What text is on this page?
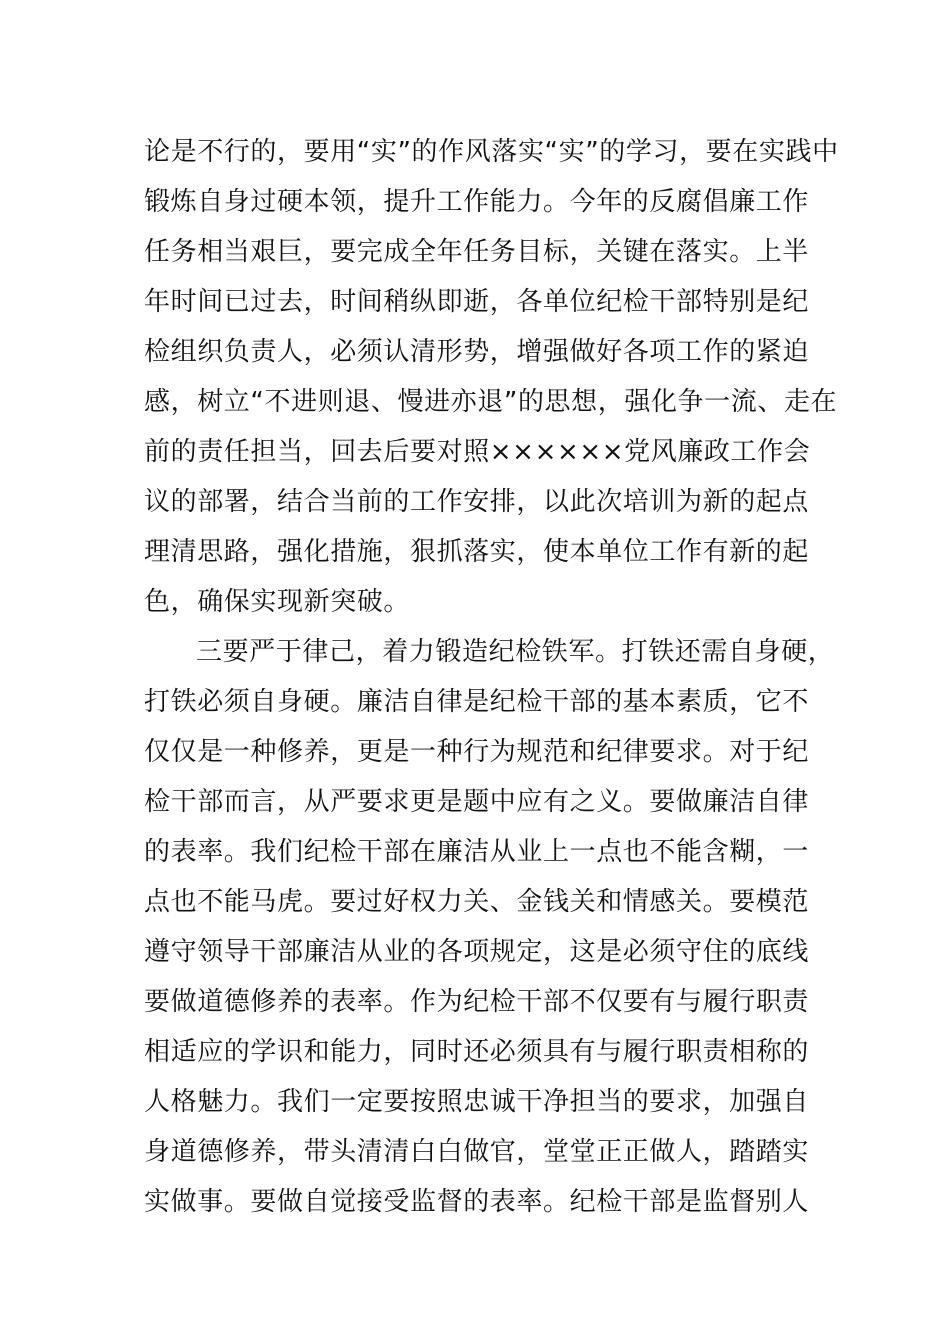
论是不行的，要用“实”的作风落实“实”的学习，要在实践中
锻炼自身过硬本领，提升工作能力。今年的反腐倡廉工作
任务相当艰巨，要完成全年任务目标，关键在落实。上半
年时间已过去，时间稍纵即逝，各单位纪检干部特别是纪
检组织负责人，必须认清形势，增强做好各项工作的紧迫
感，树立“不进则退、慢进亦退”的思想，强化争一流、走在
前的责任担当，回去后要对照××××××党风廉政工作会
议的部署，结合当前的工作安排，以此次培训为新的起点
理清思路，强化措施，狠抓落实，使本单位工作有新的起
色，确保实现新突破。
三要严于律己，着力锻造纪检铁军。打铁还需自身硬，
打铁必须自身硬。廉洁自律是纪检干部的基本素质，它不
仅仅是一种修养，更是一种行为规范和纪律要求。对于纪
检干部而言，从严要求更是题中应有之义。要做廉洁自律
的表率。我们纪检干部在廉洁从业上一点也不能含糊，一
点也不能马虎。要过好权力关、金钱关和情感关。要模范
遵守领导干部廉洁从业的各项规定，这是必须守住的底线
要做道德修养的表率。作为纪检干部不仅要有与履行职责
相适应的学识和能力，同时还必须具有与履行职责相称的
人格魅力。我们一定要按照忠诚干净担当的要求，加强自
身道德修养，带头清清白白做官，堂堂正正做人，踏踏实
实做事。要做自觉接受监督的表率。纪检干部是监督别人
